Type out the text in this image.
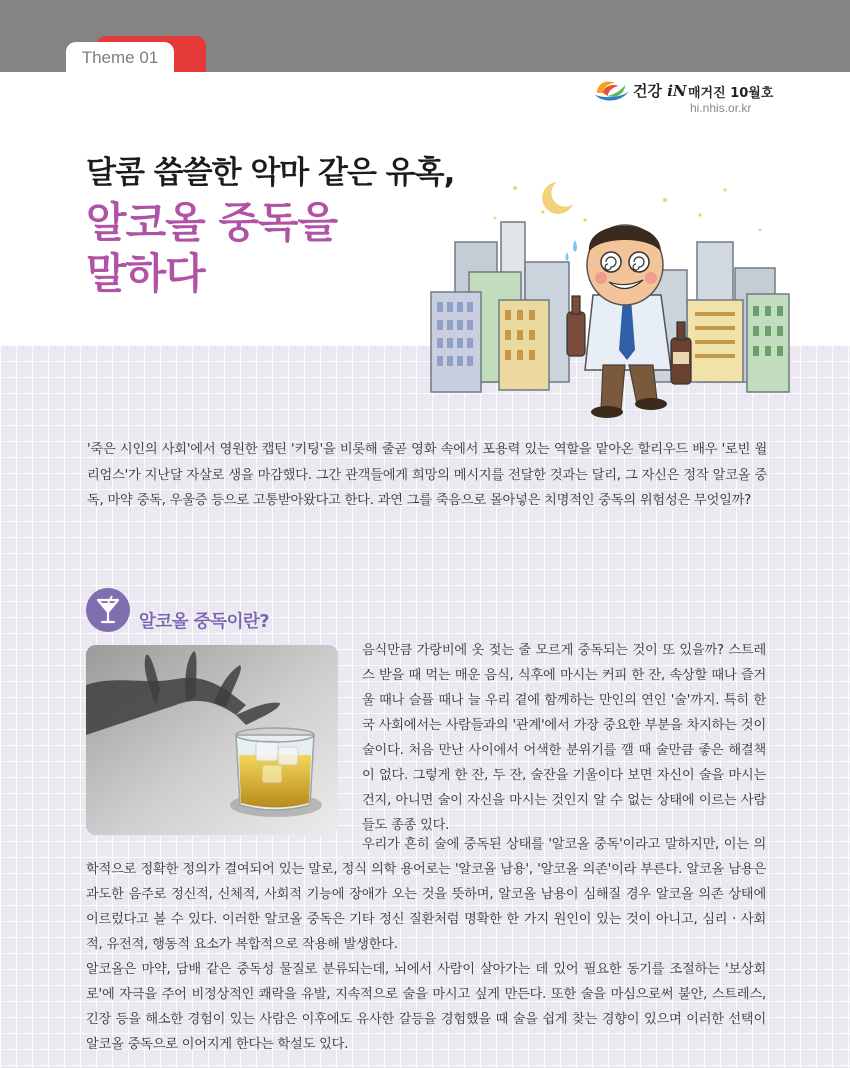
Theme 01
건강 iN 매거진 10월호
hi.nhis.or.kr
달콤 씁쓸한 악마 같은 유혹,
알코올 중독을
말하다
'죽은 시인의 사회'에서 영원한 캡틴 '키팅'을 비롯해 줄곧 영화 속에서 포용력 있는 역할을 맡아온 할리우드 배우 '로빈 윌리엄스'가 지난달 자살로 생을 마감했다. 그간 관객들에게 희망의 메시지를 전달한 것과는 달리, 그 자신은 정작 알코올 중독, 마약 중독, 우울증 등으로 고통받아왔다고 한다. 과연 그를 죽음으로 몰아넣은 치명적인 중독의 위험성은 무엇일까?
알코올 중독이란?
음식만큼 가랑비에 옷 젖는 줄 모르게 중독되는 것이 또 있을까? 스트레스 받을 때 먹는 매운 음식, 식후에 마시는 커피 한 잔, 속상할 때나 즐거울 때나 슬플 때나 늘 우리 곁에 함께하는 만인의 연인 '술'까지. 특히 한국 사회에서는 사람들과의 '관계'에서 가장 중요한 부분을 차지하는 것이 술이다. 처음 만난 사이에서 어색한 분위기를 깰 때 술만큼 좋은 해결책이 없다. 그렇게 한 잔, 두 잔, 술잔을 기울이다 보면 자신이 술을 마시는 건지, 아니면 술이 자신을 마시는 것인지 알 수 없는 상태에 이르는 사람들도 종종 있다.
우리가 흔히 술에 중독된 상태를 '알코올 중독'이라고 말하지만, 이는 의학적으로 정확한 정의가 결여되어 있는 말로, 정식 의학 용어로는 '알코올 남용', '알코올 의존'이라 부른다. 알코올 남용은 과도한 음주로 정신적, 신체적, 사회적 기능에 장애가 오는 것을 뜻하며, 알코올 남용이 심해질 경우 알코올 의존 상태에 이르렀다고 볼 수 있다. 이러한 알코올 중독은 기타 정신 질환처럼 명확한 한 가지 원인이 있는 것이 아니고, 심리 · 사회적, 유전적, 행동적 요소가 복합적으로 작용해 발생한다.
알코올은 마약, 담배 같은 중독성 물질로 분류되는데, 뇌에서 사람이 살아가는 데 있어 필요한 동기를 조절하는 '보상회로'에 자극을 주어 비정상적인 쾌락을 유발, 지속적으로 술을 마시고 싶게 만든다. 또한 술을 마심으로써 불안, 스트레스, 긴장 등을 해소한 경험이 있는 사람은 이후에도 유사한 갈등을 경험했을 때 술을 쉽게 찾는 경향이 있으며 이러한 선택이 알코올 중독으로 이어지게 한다는 학설도 있다.
